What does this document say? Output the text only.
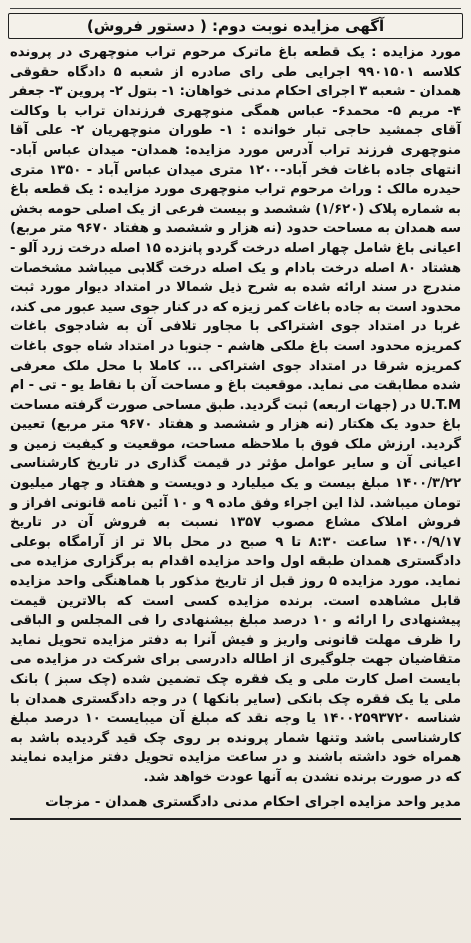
آگهی مزایده نوبت دوم: ( دستور فروش)

مورد مزایده : یک قطعه باغ ماترک مرحوم تراب منوچهری در پرونده کلاسه ۹۹۰۱۵۰۱ اجرایی طی رای صادره از شعبه ۵ دادگاه حقوقی همدان - شعبه ۳ اجرای احکام مدنی خواهان: ۱- بتول ۲- پروین ۳- جعفر ۴- مریم ۵- محمد۶- عباس همگی منوچهری فرزندان تراب با وکالت آقای جمشید حاجی تبار خوانده : ۱- طوران منوچهریان ۲- علی آقا منوچهری فرزند تراب آدرس مورد مزایده: همدان- میدان عباس آباد-انتهای جاده باغات فخر آباد-۱۲۰۰ متری میدان عباس آباد - ۱۳۵۰ متری حیدره مالک : وراث مرحوم تراب منوچهری مورد مزایده : یک قطعه باغ به شماره پلاک (۱/۶۲۰) ششصد و بیست فرعی از یک اصلی حومه بخش سه همدان به مساحت حدود (نه هزار و ششصد و هفتاد ۹۶۷۰ متر مربع) اعیانی باغ شامل چهار اصله درخت گردو پانزده ۱۵ اصله درخت زرد آلو - هشتاد ۸۰ اصله درخت بادام و یک اصله درخت گلابی میباشد مشخصات مندرج در سند ارائه شده به شرح ذیل شمالا در امتداد دیوار مورد ثبت محدود است به جاده باغات کمر زیزه که در کنار جوی سید عبور می کند، غربا در امتداد جوی اشتراکی با مجاور تلافی آن به شادجوی باغات کمریزه محدود است باغ ملکی هاشم - جنوبا در امتداد شاه جوی باغات کمریزه شرقا در امتداد جوی اشتراکی ... کاملا با محل ملک معرفی شده مطابقت می نماید. موقعیت باغ و مساحت آن با نقاط یو - تی - ام U.T.M در (جهات اربعه) ثبت گردید. طبق مساحی صورت گرفته مساحت باغ حدود یک هکتار (نه هزار و ششصد و هفتاد ۹۶۷۰ متر مربع) تعیین گردید. ارزش ملک فوق با ملاحظه مساحت، موقعیت و کیفیت زمین و اعیانی آن و سایر عوامل مؤثر در قیمت گذاری در تاریخ کارشناسی ۱۴۰۰/۳/۲۲ مبلغ بیست و یک میلیارد و دویست و هفتاد و چهار میلیون تومان میباشد. لذا این اجراء وفق ماده ۹ و ۱۰ آئین نامه قانونی افراز و فروش املاک مشاع مصوب ۱۳۵۷ نسبت به فروش آن در تاریخ ۱۴۰۰/۹/۱۷ ساعت ۸:۳۰ تا ۹ صبح در محل بالا تر از آرامگاه بوعلی دادگستری همدان طبقه اول واحد مزایده اقدام به برگزاری مزایده می نماید. مورد مزایده ۵ روز قبل از تاریخ مذکور با هماهنگی واحد مزایده قابل مشاهده است. برنده مزایده کسی است که بالاترین قیمت پیشنهادی را ارائه و ۱۰ درصد مبلغ بیشنهادی را فی المجلس و الباقی را ظرف مهلت قانونی واریز و فیش آنرا به دفتر مزایده تحویل نماید متقاضیان جهت جلوگیری از اطاله دادرسی برای شرکت در مزایده می بایست اصل کارت ملی و یک فقره چک تضمین شده (چک سبز ) بانک ملی یا یک فقره چک بانکی (سایر بانکها ) در وجه دادگستری همدان با شناسه ۱۴۰۰۲۵۹۳۷۲۰ یا وجه نقد که مبلغ آن میبایست ۱۰ درصد مبلغ کارشناسی باشد وتنها شمار پرونده بر روی چک قید گردیده باشد به همراه خود داشته باشند و در ساعت مزایده تحویل دفتر مزایده نمایند که در صورت برنده نشدن به آنها عودت خواهد شد.

مدیر واحد مزایده اجرای احکام مدنی دادگستری همدان - مزجات
